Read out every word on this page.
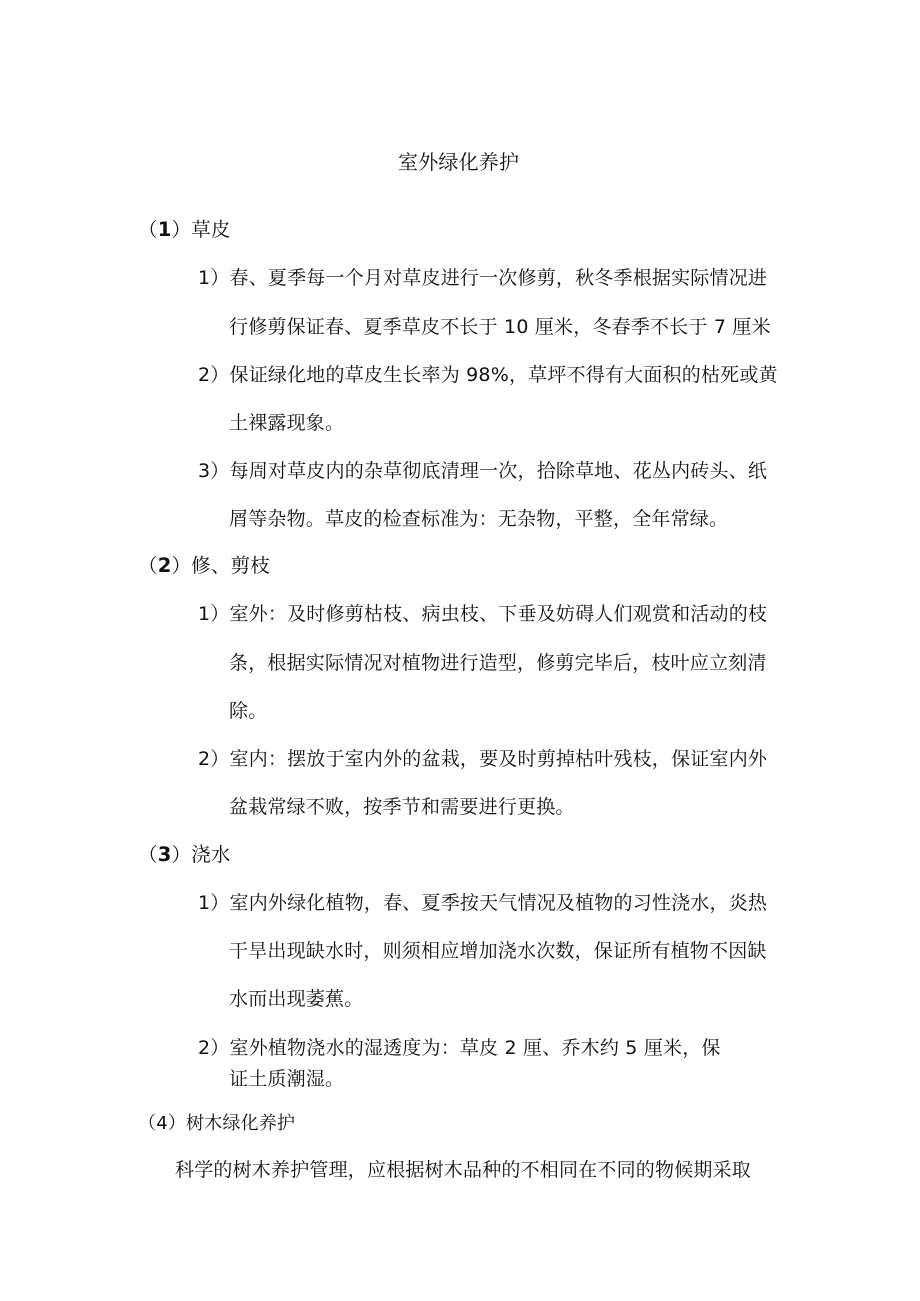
室外绿化养护
（1）草皮
1）春、夏季每一个月对草皮进行一次修剪，秋冬季根据实际情况进
行修剪保证春、夏季草皮不长于 10 厘米，冬春季不长于 7 厘米
2）保证绿化地的草皮生长率为 98%，草坪不得有大面积的枯死或黄
土裸露现象。
3）每周对草皮内的杂草彻底清理一次，拾除草地、花丛内砖头、纸
屑等杂物。草皮的检查标准为：无杂物，平整，全年常绿。
（2）修、剪枝
1）室外：及时修剪枯枝、病虫枝、下垂及妨碍人们观赏和活动的枝
条，根据实际情况对植物进行造型，修剪完毕后，枝叶应立刻清
除。
2）室内：摆放于室内外的盆栽，要及时剪掉枯叶残枝，保证室内外
盆栽常绿不败，按季节和需要进行更换。
（3）浇水
1）室内外绿化植物，春、夏季按天气情况及植物的习性浇水，炎热
干旱出现缺水时，则须相应增加浇水次数，保证所有植物不因缺
水而出现萎蕉。
2）室外植物浇水的湿透度为：草皮 2 厘、乔木约 5 厘米，保
证土质潮湿。
（4）树木绿化养护
科学的树木养护管理，应根据树木品种的不相同在不同的物候期采取
